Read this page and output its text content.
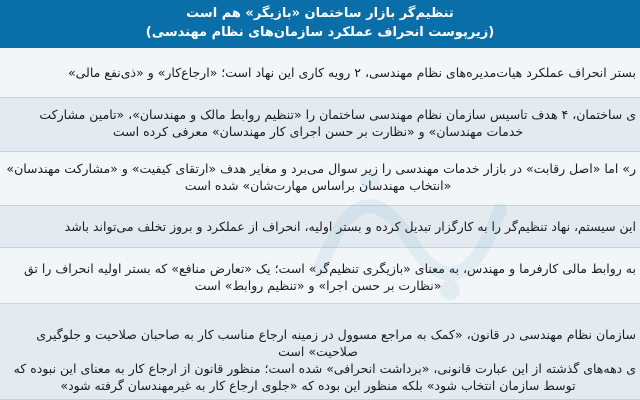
تنظیم‌گر بازار ساختمان «بازیگر» هم است
(زیرپوست انحراف عملکرد سازمان‌های نظام مهندسی)
بستر انحراف عملکرد هیات‌مدیره‌های نظام مهندسی، ۲ رویه کاری این نهاد است؛ «ارجاع‌کار» و «ذی‌نفع مالی»
ی ساختمان، ۴ هدف تاسیس سازمان نظام مهندسی ساختمان را «تنظیم روابط مالک و مهندسان»، «تامین مشارکت
خدمات مهندسان» و «نظارت بر حسن اجرای کار مهندسان» معرفی کرده است
ر» اما «اصل رقابت» در بازار خدمات مهندسی را زیر سوال می‌برد و مغایر هدف «ارتقای کیفیت» و «مشارکت مهندسان»
«انتخاب مهندسان براساس مهارت‌شان» شده است
این سیستم، نهاد تنظیم‌گر را به کارگزار تبدیل کرده و بستر اولیه، انحراف از عملکرد و بروز تخلف می‌تواند باشد
به روابط مالی کارفرما و مهندس، به معنای «بازیگری تنظیم‌گر» است؛ یک «تعارض منافع» که بستر اولیه انحراف را تق
«نظارت بر حسن اجرا» و «تنظیم روابط» است
سازمان نظام مهندسی در قانون، «کمک به مراجع مسوول در زمینه ارجاع مناسب کار به صاحبان صلاحیت و جلوگیری
صلاحیت» است
ی دهه‌های گذشته از این عبارت قانونی، «برداشت انحرافی» شده است؛ منظور قانون از ارجاع کار به معنای این نبوده که
توسط سازمان انتخاب شود» بلکه منظور این بوده که «جلوی ارجاع کار به غیرمهندسان گرفته شود»
